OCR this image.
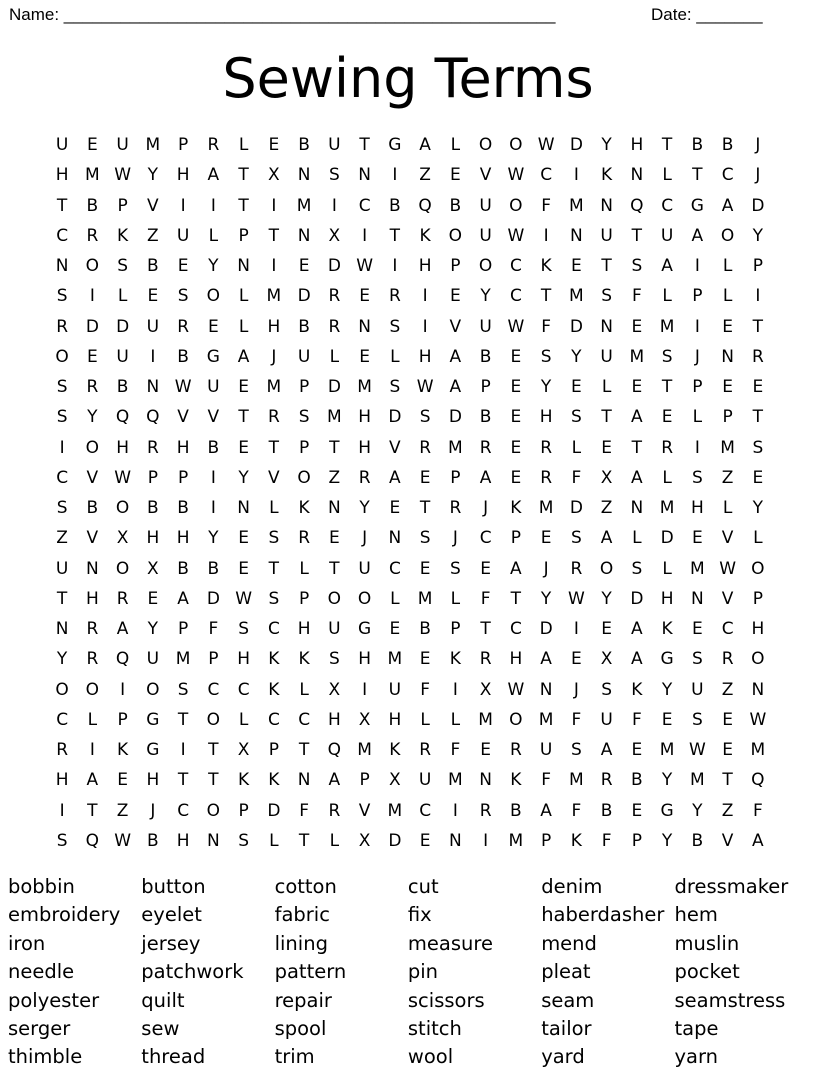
Name: ____________________________________________________	Date: _______
Sewing Terms
U	E	U M	P	R	L	E	B	U	T	G	A	L	O O W D	Y	H	T	B	B	J
H M W Y	H	A	T	X	N	S	N	I	Z	E	V W C	I	K	N	L	T	C	J
T	B	P	V	I	I	T	I	M	I	C	B	Q	B	U	O	F	M N	Q	C	G	A	D
C	R	K	Z	U	L	P	T	N	X	I	T	K	O	U W	I	N	U	T	U	A	O	Y
N	O	S	B	E	Y	N	I	E	D W	I	H	P	O	C	K	E	T	S	A	I	L	P
S	I	L	E	S	O	L	M D	R	E	R	I	E	Y	C	T	M	S	F	L	P	L	I
R	D	D	U	R	E	L	H	B	R	N	S	I	V	U W F	D	N	E	M	I	E	T
O	E	U	I	B	G	A	J	U	L	E	L	H	A	B	E	S	Y	U M	S	J	N	R
S	R	B	N W U	E	M	P	D M	S W A	P	E	Y	E	L	E	T	P	E	E
S	Y	Q Q	V	V	T	R	S	M H	D	S	D	B	E	H	S	T	A	E	L	P	T
I	O	H	R	H	B	E	T	P	T	H	V	R	M	R	E	R	L	E	T	R	I	M	S
C	V W P	P	I	Y	V	O	Z	R	A	E	P	A	E	R	F	X	A	L	S	Z	E
S	B	O	B	B	I	N	L	K	N	Y	E	T	R	J	K	M D	Z	N M H	L	Y
Z	V	X	H	H	Y	E	S	R	E	J	N	S	J	C	P	E	S	A	L	D	E	V	L
U	N	O	X	B	B	E	T	L	T	U	C	E	S	E	A	J	R	O	S	L	M W O
T	H	R	E	A	D W S	P	O O	L	M	L	F	T	Y W Y	D	H	N	V	P
N	R	A	Y	P	F	S	C	H	U	G	E	B	P	T	C	D	I	E	A	K	E	C	H
Y	R	Q	U M	P	H	K	K	S	H M	E	K	R	H	A	E	X	A	G	S	R	O
O O	I	O	S	C	C	K	L	X	I	U	F	I	X W N	J	S	K	Y	U	Z	N
C	L	P	G	T	O	L	C	C	H	X	H	L	L	M O M	F	U	F	E	S	E W
R	I	K	G	I	T	X	P	T	Q M	K	R	F	E	R	U	S	A	E	M W E	M
H	A	E	H	T	T	K	K	N	A	P	X	U M N	K	F	M	R	B	Y	M	T	Q
I	T	Z	J	C	O	P	D	F	R	V	M C	I	R	B	A	F	B	E	G	Y	Z	F
S	Q W B	H	N	S	L	T	L	X	D	E	N	I	M	P	K	F	P	Y	B	V	A
bobbin	button	cotton	cut	denim	dressmaker
embroidery	eyelet	fabric	fix	haberdasher hem
iron	jersey	lining	measure	mend	muslin
needle	patchwork	pattern	pin	pleat	pocket
polyester	quilt	repair	scissors	seam	seamstress
serger	sew	spool	stitch	tailor	tape
thimble	thread	trim	wool	yard	yarn
